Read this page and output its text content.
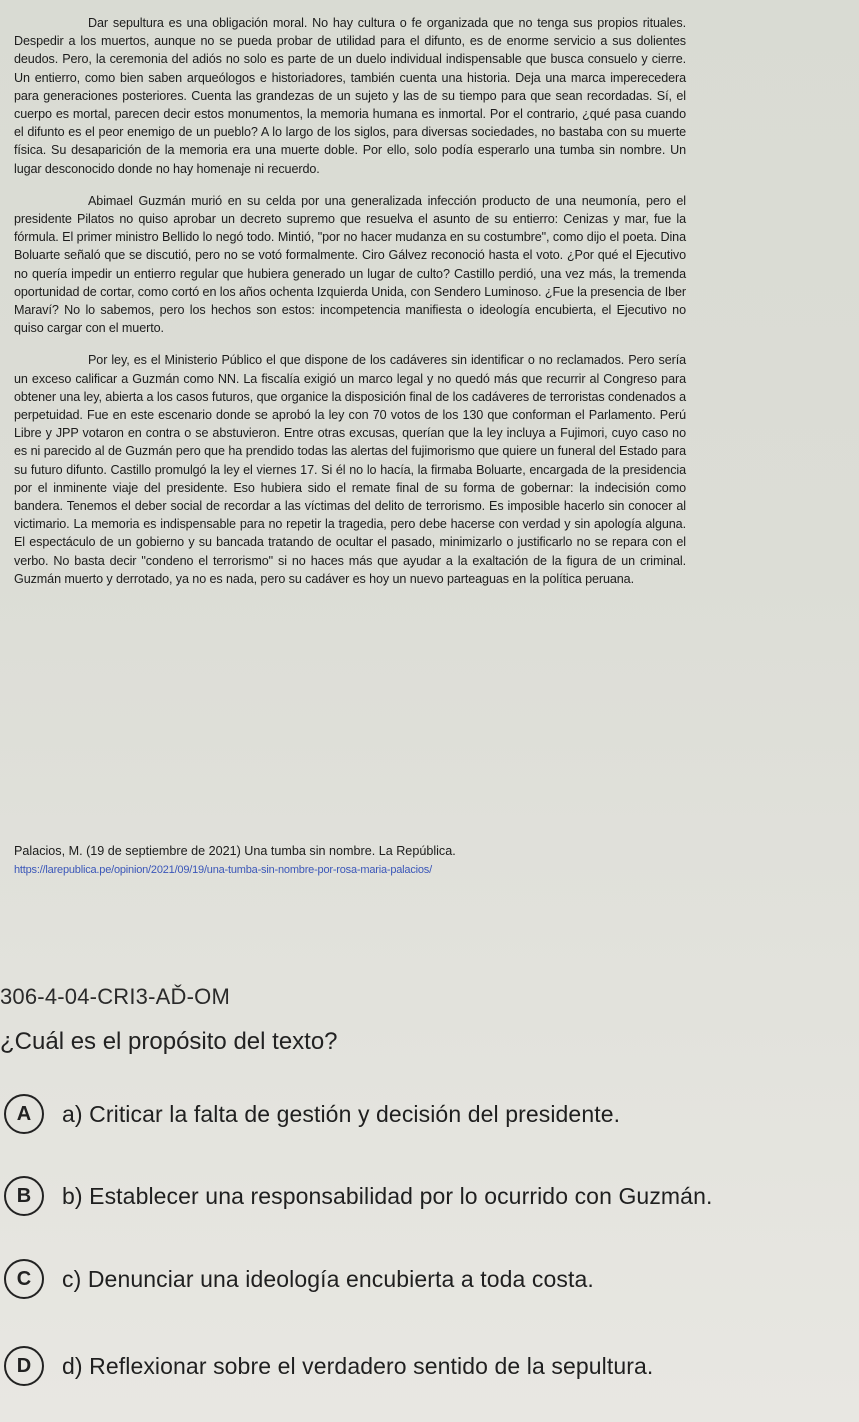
Dar sepultura es una obligación moral. No hay cultura o fe organizada que no tenga sus propios rituales. Despedir a los muertos, aunque no se pueda probar de utilidad para el difunto, es de enorme servicio a sus dolientes deudos. Pero, la ceremonia del adiós no solo es parte de un duelo individual indispensable que busca consuelo y cierre. Un entierro, como bien saben arqueólogos e historiadores, también cuenta una historia. Deja una marca imperecedera para generaciones posteriores. Cuenta las grandezas de un sujeto y las de su tiempo para que sean recordadas. Sí, el cuerpo es mortal, parecen decir estos monumentos, la memoria humana es inmortal. Por el contrario, ¿qué pasa cuando el difunto es el peor enemigo de un pueblo? A lo largo de los siglos, para diversas sociedades, no bastaba con su muerte física. Su desaparición de la memoria era una muerte doble. Por ello, solo podía esperarlo una tumba sin nombre. Un lugar desconocido donde no hay homenaje ni recuerdo.

Abimael Guzmán murió en su celda por una generalizada infección producto de una neumonía, pero el presidente Pilatos no quiso aprobar un decreto supremo que resuelva el asunto de su entierro: Cenizas y mar, fue la fórmula. El primer ministro Bellido lo negó todo. Mintió, "por no hacer mudanza en su costumbre", como dijo el poeta. Dina Boluarte señaló que se discutió, pero no se votó formalmente. Ciro Gálvez reconoció hasta el voto. ¿Por qué el Ejecutivo no quería impedir un entierro regular que hubiera generado un lugar de culto? Castillo perdió, una vez más, la tremenda oportunidad de cortar, como cortó en los años ochenta Izquierda Unida, con Sendero Luminoso. ¿Fue la presencia de Iber Maraví? No lo sabemos, pero los hechos son estos: incompetencia manifiesta o ideología encubierta, el Ejecutivo no quiso cargar con el muerto.

Por ley, es el Ministerio Público el que dispone de los cadáveres sin identificar o no reclamados. Pero sería un exceso calificar a Guzmán como NN. La fiscalía exigió un marco legal y no quedó más que recurrir al Congreso para obtener una ley, abierta a los casos futuros, que organice la disposición final de los cadáveres de terroristas condenados a perpetuidad. Fue en este escenario donde se aprobó la ley con 70 votos de los 130 que conforman el Parlamento. Perú Libre y JPP votaron en contra o se abstuvieron. Entre otras excusas, querían que la ley incluya a Fujimori, cuyo caso no es ni parecido al de Guzmán pero que ha prendido todas las alertas del fujimorismo que quiere un funeral del Estado para su futuro difunto. Castillo promulgó la ley el viernes 17. Si él no lo hacía, la firmaba Boluarte, encargada de la presidencia por el inminente viaje del presidente. Eso hubiera sido el remate final de su forma de gobernar: la indecisión como bandera. Tenemos el deber social de recordar a las víctimas del delito de terrorismo. Es imposible hacerlo sin conocer al victimario. La memoria es indispensable para no repetir la tragedia, pero debe hacerse con verdad y sin apología alguna. El espectáculo de un gobierno y su bancada tratando de ocultar el pasado, minimizarlo o justificarlo no se repara con el verbo. No basta decir "condeno el terrorismo" si no haces más que ayudar a la exaltación de la figura de un criminal. Guzmán muerto y derrotado, ya no es nada, pero su cadáver es hoy un nuevo parteaguas en la política peruana.

Palacios, M. (19 de septiembre de 2021) Una tumba sin nombre. La República.
https://larepublica.pe/opinion/2021/09/19/una-tumba-sin-nombre-por-rosa-maria-palacios/
306-4-04-CRI3-AĎ-OM
¿Cuál es el propósito del texto?
A	a) Criticar la falta de gestión y decisión del presidente.
B	b) Establecer una responsabilidad por lo ocurrido con Guzmán.
C	c) Denunciar una ideología encubierta a toda costa.
D	d) Reflexionar sobre el verdadero sentido de la sepultura.
